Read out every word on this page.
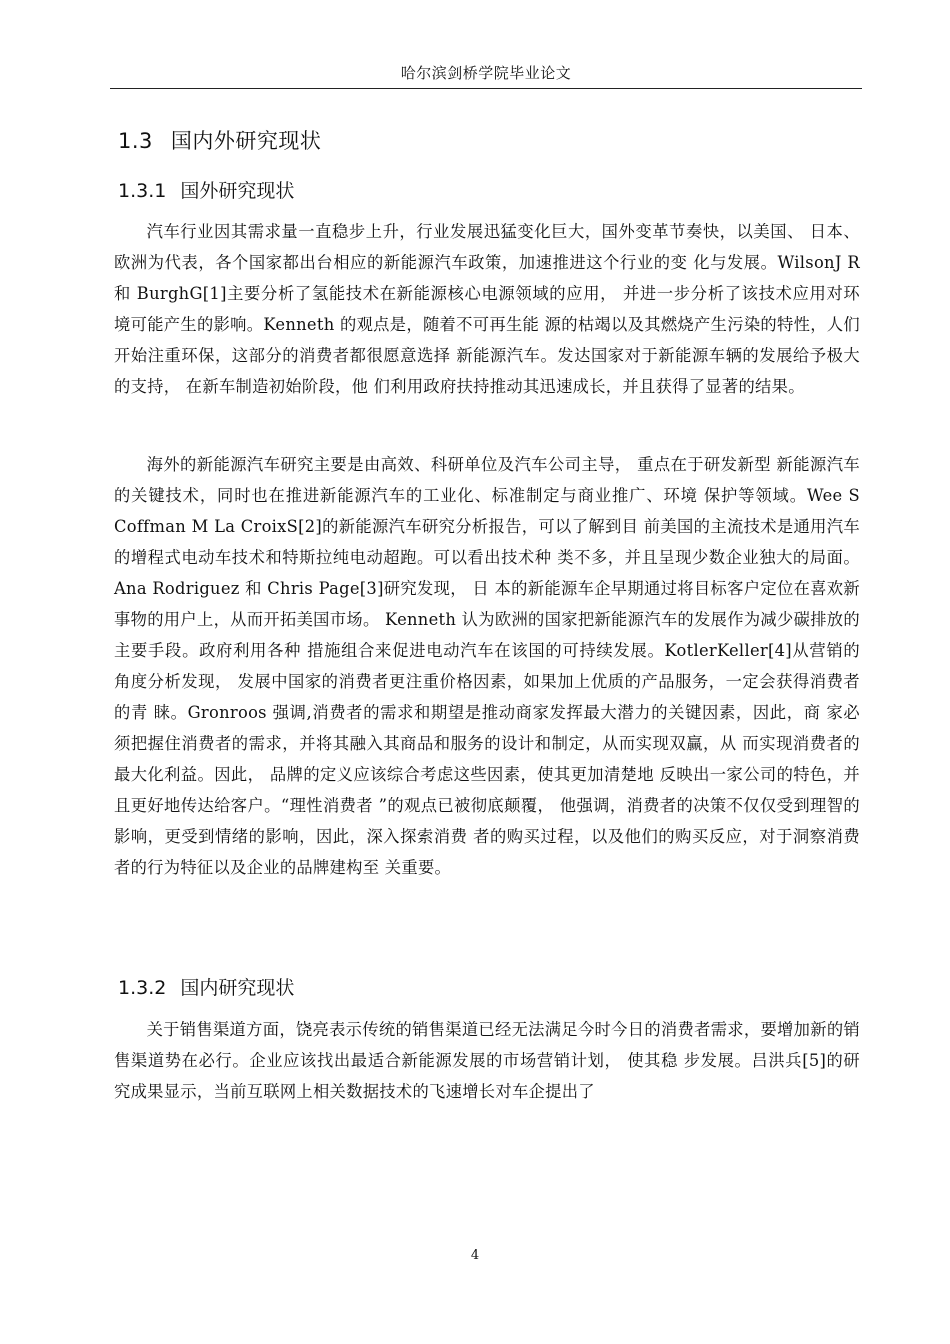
哈尔滨剑桥学院毕业论文
1.3 国内外研究现状
1.3.1 国外研究现状

汽车行业因其需求量一直稳步上升，行业发展迅猛变化巨大，国外变革节奏快，以美国、 日本、欧洲为代表，各个国家都出台相应的新能源汽车政策，加速推进这个行业的变 化与发展。WilsonJ R 和 BurghG[1]主要分析了氢能技术在新能源核心电源领域的应用， 并进一步分析了该技术应用对环境可能产生的影响。Kenneth 的观点是，随着不可再生能 源的枯竭以及其燃烧产生污染的特性，人们开始注重环保，这部分的消费者都很愿意选择 新能源汽车。发达国家对于新能源车辆的发展给予极大的支持， 在新车制造初始阶段，他 们利用政府扶持推动其迅速成长，并且获得了显著的结果。

海外的新能源汽车研究主要是由高效、科研单位及汽车公司主导， 重点在于研发新型 新能源汽车的关键技术，同时也在推进新能源汽车的工业化、标准制定与商业推广、环境 保护等领域。Wee S Coffman M La CroixS[2]的新能源汽车研究分析报告，可以了解到目 前美国的主流技术是通用汽车的增程式电动车技术和特斯拉纯电动超跑。可以看出技术种 类不多，并且呈现少数企业独大的局面。Ana Rodriguez 和 Chris Page[3]研究发现， 日 本的新能源车企早期通过将目标客户定位在喜欢新事物的用户上，从而开拓美国市场。 Kenneth 认为欧洲的国家把新能源汽车的发展作为减少碳排放的主要手段。政府利用各种 措施组合来促进电动汽车在该国的可持续发展。KotlerKeller[4]从营销的角度分析发现， 发展中国家的消费者更注重价格因素，如果加上优质的产品服务，一定会获得消费者的青 睐。Gronroos 强调,消费者的需求和期望是推动商家发挥最大潜力的关键因素，因此，商 家必须把握住消费者的需求，并将其融入其商品和服务的设计和制定，从而实现双赢，从 而实现消费者的最大化利益。因此， 品牌的定义应该综合考虑这些因素，使其更加清楚地 反映出一家公司的特色，并且更好地传达给客户。“理性消费者 ”的观点已被彻底颠覆， 他强调，消费者的决策不仅仅受到理智的影响，更受到情绪的影响，因此，深入探索消费 者的购买过程，以及他们的购买反应，对于洞察消费者的行为特征以及企业的品牌建构至 关重要。

1.3.2 国内研究现状

关于销售渠道方面，饶亮表示传统的销售渠道已经无法满足今时今日的消费者需求，要增加新的销售渠道势在必行。企业应该找出最适合新能源发展的市场营销计划， 使其稳 步发展。吕洪兵[5]的研究成果显示，当前互联网上相关数据技术的飞速增长对车企提出了

4
